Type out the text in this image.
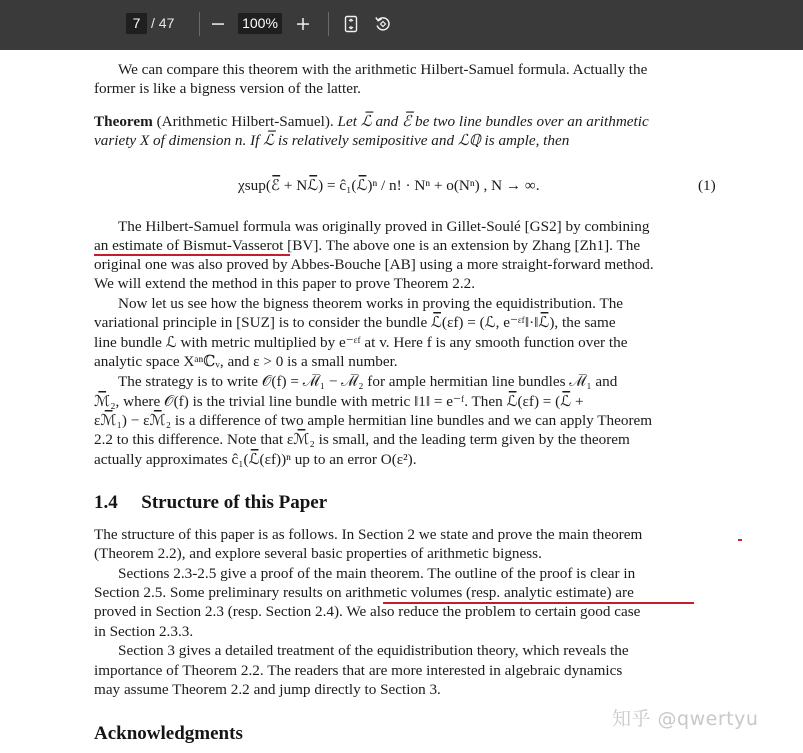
7 / 47	100%
We can compare this theorem with the arithmetic Hilbert-Samuel formula. Actually the
former is like a bigness version of the latter.
Theorem (Arithmetic Hilbert-Samuel). Let ℒ̅ and ℰ̅ be two line bundles over an arithmetic
variety X of dimension n. If ℒ̅ is relatively semipositive and ℒℚ is ample, then
χsup(ℰ̅ + Nℒ̅) = ĉ₁(ℒ̅)ⁿ / n! · Nⁿ + o(Nⁿ) , N → ∞.	(1)
The Hilbert-Samuel formula was originally proved in Gillet-Soulé [GS2] by combining
an estimate of Bismut-Vasserot [BV]. The above one is an extension by Zhang [Zh1]. The
original one was also proved by Abbes-Bouche [AB] using a more straight-forward method.
We will extend the method in this paper to prove Theorem 2.2.
Now let us see how the bigness theorem works in proving the equidistribution. The
variational principle in [SUZ] is to consider the bundle ℒ̅(εf) = (ℒ, e⁻ᵋᶠ‖·‖ℒ̅), the same
line bundle ℒ with metric multiplied by e⁻ᵋᶠ at v. Here f is any smooth function over the
analytic space Xᵃⁿℂᵥ, and ε > 0 is a small number.
The strategy is to write 𝒪(f) = ℳ̅₁ − ℳ̅₂ for ample hermitian line bundles ℳ̅₁ and
ℳ̅₂, where 𝒪(f) is the trivial line bundle with metric ‖1‖ = e⁻ᶠ. Then ℒ̅(εf) = (ℒ̅ +
εℳ̅₁) − εℳ̅₂ is a difference of two ample hermitian line bundles and we can apply Theorem
2.2 to this difference. Note that εℳ̅₂ is small, and the leading term given by the theorem
actually approximates ĉ₁(ℒ̅(εf))ⁿ up to an error O(ε²).
1.4 Structure of this Paper
The structure of this paper is as follows. In Section 2 we state and prove the main theorem
(Theorem 2.2), and explore several basic properties of arithmetic bigness.
Sections 2.3-2.5 give a proof of the main theorem. The outline of the proof is clear in
Section 2.5. Some preliminary results on arithmetic volumes (resp. analytic estimate) are
proved in Section 2.3 (resp. Section 2.4). We also reduce the problem to certain good case
in Section 2.3.3.
Section 3 gives a detailed treatment of the equidistribution theory, which reveals the
importance of Theorem 2.2. The readers that are more interested in algebraic dynamics
may assume Theorem 2.2 and jump directly to Section 3.
Acknowledgments
知乎 @qwertyu
